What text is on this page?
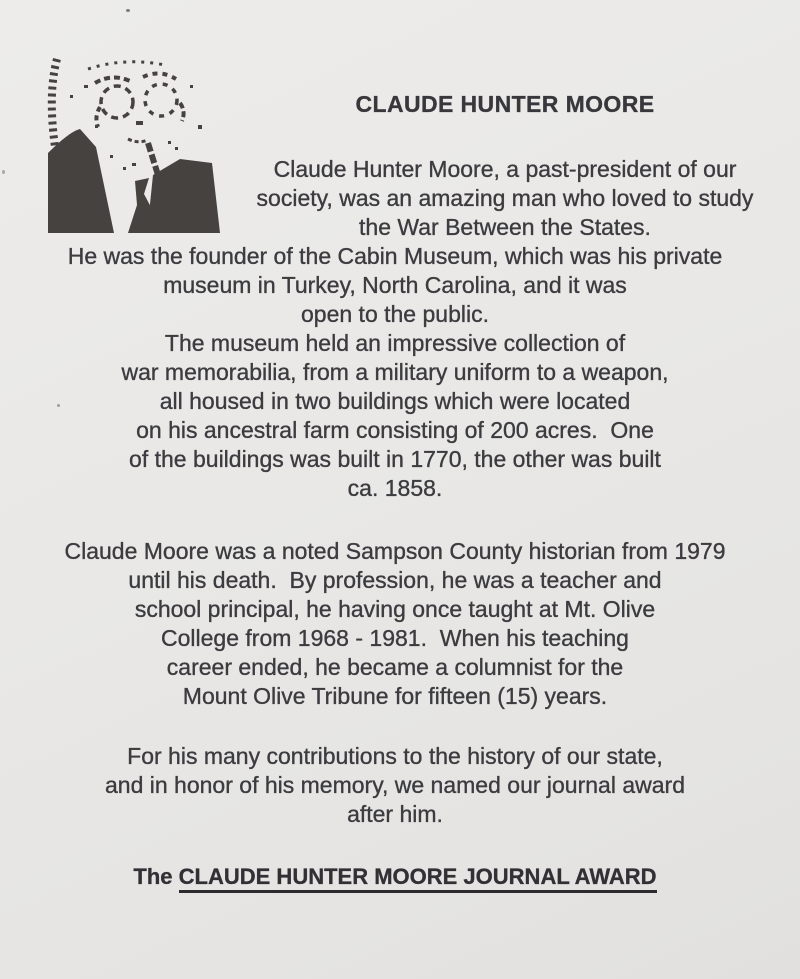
CLAUDE HUNTER MOORE
Claude Hunter Moore, a past-president of our
society, was an amazing man who loved to study
the War Between the States.
He was the founder of the Cabin Museum, which was his private
museum in Turkey, North Carolina, and it was
open to the public.
The museum held an impressive collection of
war memorabilia, from a military uniform to a weapon,
all housed in two buildings which were located
on his ancestral farm consisting of 200 acres.  One
of the buildings was built in 1770, the other was built
ca. 1858.
Claude Moore was a noted Sampson County historian from 1979
until his death.  By profession, he was a teacher and
school principal, he having once taught at Mt. Olive
College from 1968 - 1981.  When his teaching
career ended, he became a columnist for the
Mount Olive Tribune for fifteen (15) years.
For his many contributions to the history of our state,
and in honor of his memory, we named our journal award
after him.
The CLAUDE HUNTER MOORE JOURNAL AWARD
